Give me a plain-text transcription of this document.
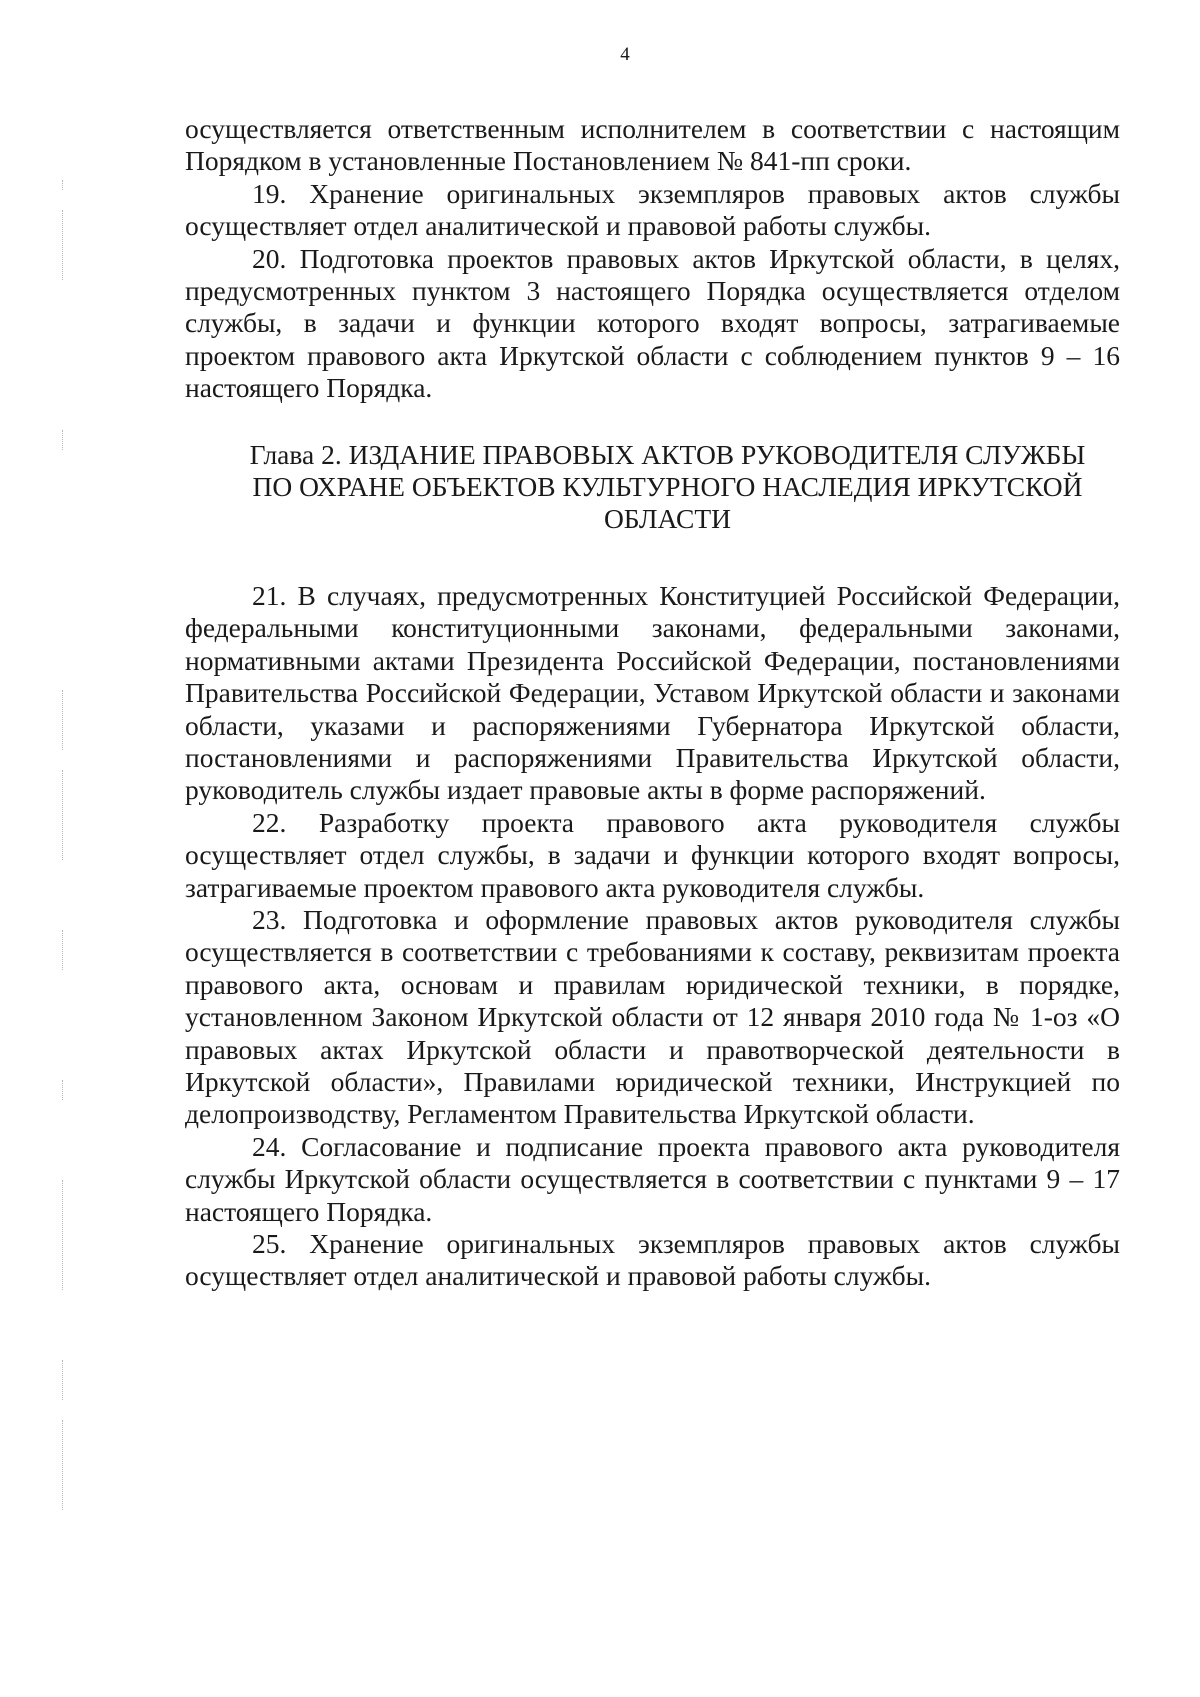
4

осуществляется ответственным исполнителем в соответствии с настоящим Порядком в установленные Постановлением № 841-пп сроки.

19. Хранение оригинальных экземпляров правовых актов службы осуществляет отдел аналитической и правовой работы службы.

20. Подготовка проектов правовых актов Иркутской области, в целях, предусмотренных пунктом 3 настоящего Порядка осуществляется отделом службы, в задачи и функции которого входят вопросы, затрагиваемые проектом правового акта Иркутской области с соблюдением пунктов 9 – 16 настоящего Порядка.

Глава 2. ИЗДАНИЕ ПРАВОВЫХ АКТОВ РУКОВОДИТЕЛЯ СЛУЖБЫ
ПО ОХРАНЕ ОБЪЕКТОВ КУЛЬТУРНОГО НАСЛЕДИЯ ИРКУТСКОЙ
ОБЛАСТИ

21. В случаях, предусмотренных Конституцией Российской Федерации, федеральными конституционными законами, федеральными законами, нормативными актами Президента Российской Федерации, постановлениями Правительства Российской Федерации, Уставом Иркутской области и законами области, указами и распоряжениями Губернатора Иркутской области, постановлениями и распоряжениями Правительства Иркутской области, руководитель службы издает правовые акты в форме распоряжений.

22. Разработку проекта правового акта руководителя службы осуществляет отдел службы, в задачи и функции которого входят вопросы, затрагиваемые проектом правового акта руководителя службы.

23. Подготовка и оформление правовых актов руководителя службы осуществляется в соответствии с требованиями к составу, реквизитам проекта правового акта, основам и правилам юридической техники, в порядке, установленном Законом Иркутской области от 12 января 2010 года № 1-оз «О правовых актах Иркутской области и правотворческой деятельности в Иркутской области», Правилами юридической техники, Инструкцией по делопроизводству, Регламентом Правительства Иркутской области.

24. Согласование и подписание проекта правового акта руководителя службы Иркутской области осуществляется в соответствии с пунктами 9 – 17 настоящего Порядка.

25. Хранение оригинальных экземпляров правовых актов службы осуществляет отдел аналитической и правовой работы службы.
